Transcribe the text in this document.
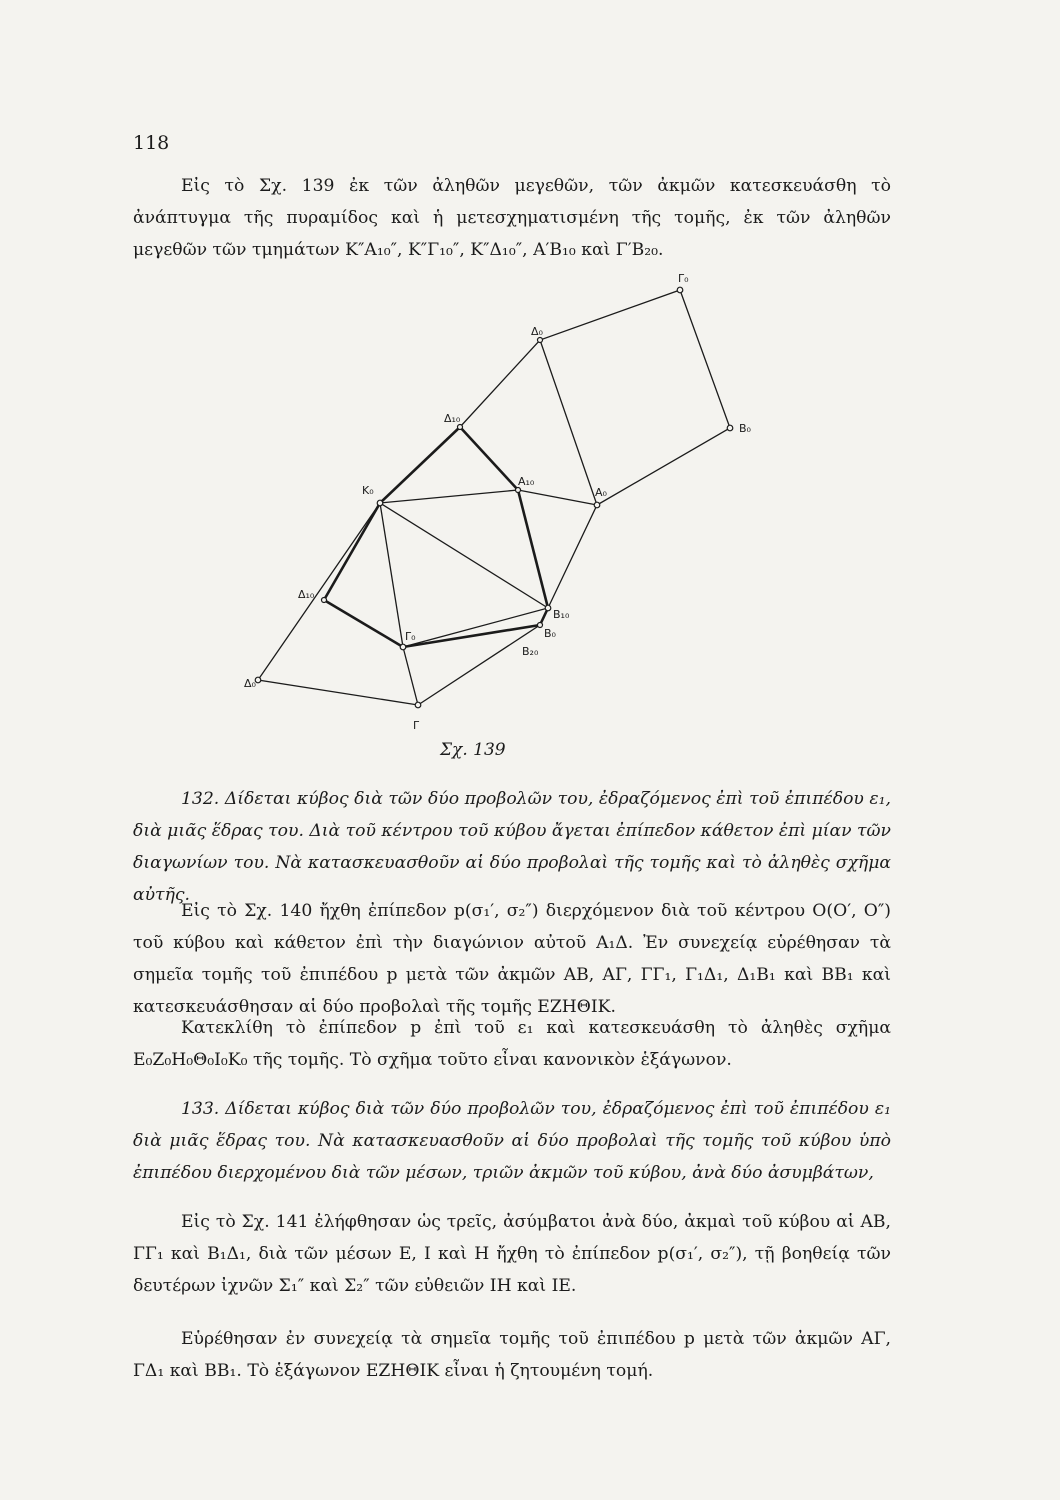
118

Εἰς τὸ Σχ. 139 ἐκ τῶν ἀληθῶν μεγεθῶν, τῶν ἀκμῶν κατεσκευάσθη τὸ ἀνάπτυγμα τῆς πυραμίδος καὶ ἡ μετεσχηματισμένη τῆς τομῆς, ἐκ τῶν ἀληθῶν μεγεθῶν τῶν τμημάτων Κ″Α₁₀″, Κ″Γ₁₀″, Κ″Δ₁₀″, Α′Β₁₀ καὶ Γ′Β₂₀.

Γ₀
Δ₀
Δ₁₀
Β₀
Κ₀
Α₁₀
Α₀
Δ₁₀
Γ₀
Β₁₀
Β₀
Β₂₀
Δ₀
Γ
Σχ. 139

132. Δίδεται κύβος διὰ τῶν δύο προβολῶν του, ἐδραζόμενος ἐπὶ τοῦ ἐπιπέδου ε₁, διὰ μιᾶς ἕδρας του. Διὰ τοῦ κέντρου τοῦ κύβου ἄγεται ἐπίπεδον κάθετον ἐπὶ μίαν τῶν διαγωνίων του. Νὰ κατασκευασθοῦν αἱ δύο προβολαὶ τῆς τομῆς καὶ τὸ ἀληθὲς σχῆμα αὐτῆς.

Εἰς τὸ Σχ. 140 ἤχθη ἐπίπεδον p(σ₁′, σ₂″) διερχόμενον διὰ τοῦ κέντρου Ο(Ο′, Ο″) τοῦ κύβου καὶ κάθετον ἐπὶ τὴν διαγώνιον αὐτοῦ Α₁Δ. Ἐν συνεχείᾳ εὑρέθησαν τὰ σημεῖα τομῆς τοῦ ἐπιπέδου p μετὰ τῶν ἀκμῶν ΑΒ, ΑΓ, ΓΓ₁, Γ₁Δ₁, Δ₁Β₁ καὶ ΒΒ₁ καὶ κατεσκευάσθησαν αἱ δύο προβολαὶ τῆς τομῆς ΕΖΗΘΙΚ.

Κατεκλίθη τὸ ἐπίπεδον p ἐπὶ τοῦ ε₁ καὶ κατεσκευάσθη τὸ ἀληθὲς σχῆμα Ε₀Ζ₀Η₀Θ₀Ι₀Κ₀ τῆς τομῆς. Τὸ σχῆμα τοῦτο εἶναι κανονικὸν ἑξάγωνον.

133. Δίδεται κύβος διὰ τῶν δύο προβολῶν του, ἐδραζόμενος ἐπὶ τοῦ ἐπιπέδου ε₁ διὰ μιᾶς ἕδρας του. Νὰ κατασκευασθοῦν αἱ δύο προβολαὶ τῆς τομῆς τοῦ κύβου ὑπὸ ἐπιπέδου διερχομένου διὰ τῶν μέσων, τριῶν ἀκμῶν τοῦ κύβου, ἀνὰ δύο ἀσυμβάτων,

Εἰς τὸ Σχ. 141 ἐλήφθησαν ὡς τρεῖς, ἀσύμβατοι ἀνὰ δύο, ἀκμαὶ τοῦ κύβου αἱ ΑΒ, ΓΓ₁ καὶ Β₁Δ₁, διὰ τῶν μέσων Ε, Ι καὶ Η ἤχθη τὸ ἐπίπεδον p(σ₁′, σ₂″), τῇ βοηθείᾳ τῶν δευτέρων ἰχνῶν Σ₁″ καὶ Σ₂″ τῶν εὐθειῶν ΙΗ καὶ ΙΕ.

Εὑρέθησαν ἐν συνεχείᾳ τὰ σημεῖα τομῆς τοῦ ἐπιπέδου p μετὰ τῶν ἀκμῶν ΑΓ, ΓΔ₁ καὶ ΒΒ₁. Τὸ ἑξάγωνον ΕΖΗΘΙΚ εἶναι ἡ ζητουμένη τομή.
